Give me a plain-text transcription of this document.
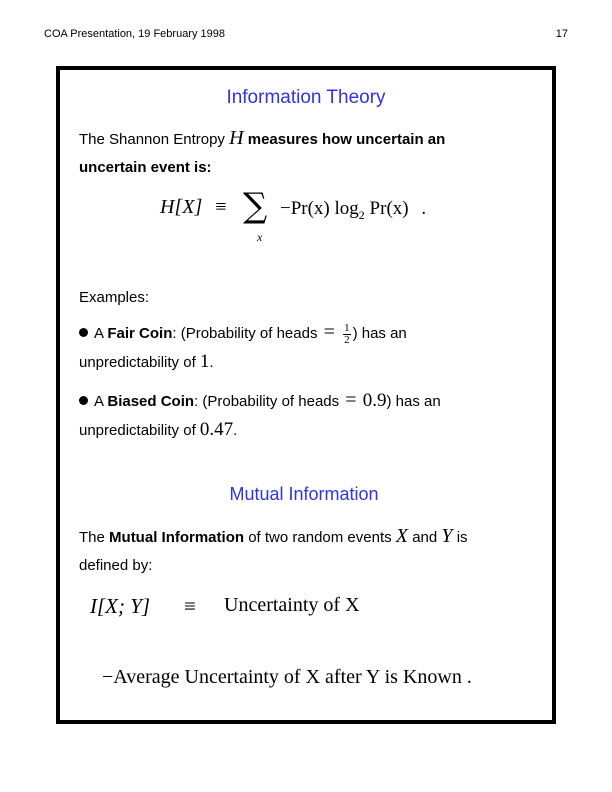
COA Presentation, 19 February 1998	17
Information Theory
The Shannon Entropy H measures how uncertain an
uncertain event is:
H[X] ≡ ∑
x
−Pr(x) $\log_2 Pr(x)$ .
Examples:
A Fair Coin: (Probability of heads = $\frac{1}{2}$ ) has an
unpredictability of 1.
A Biased Coin: (Probability of heads = 0.9) has an
unpredictability of 0.47.
Mutual Information
The Mutual Information of two random events X and Y is
defined by:
I[X; Y] ≡ Uncertainty of X
−Average Uncertainty of X after Y is Known .
